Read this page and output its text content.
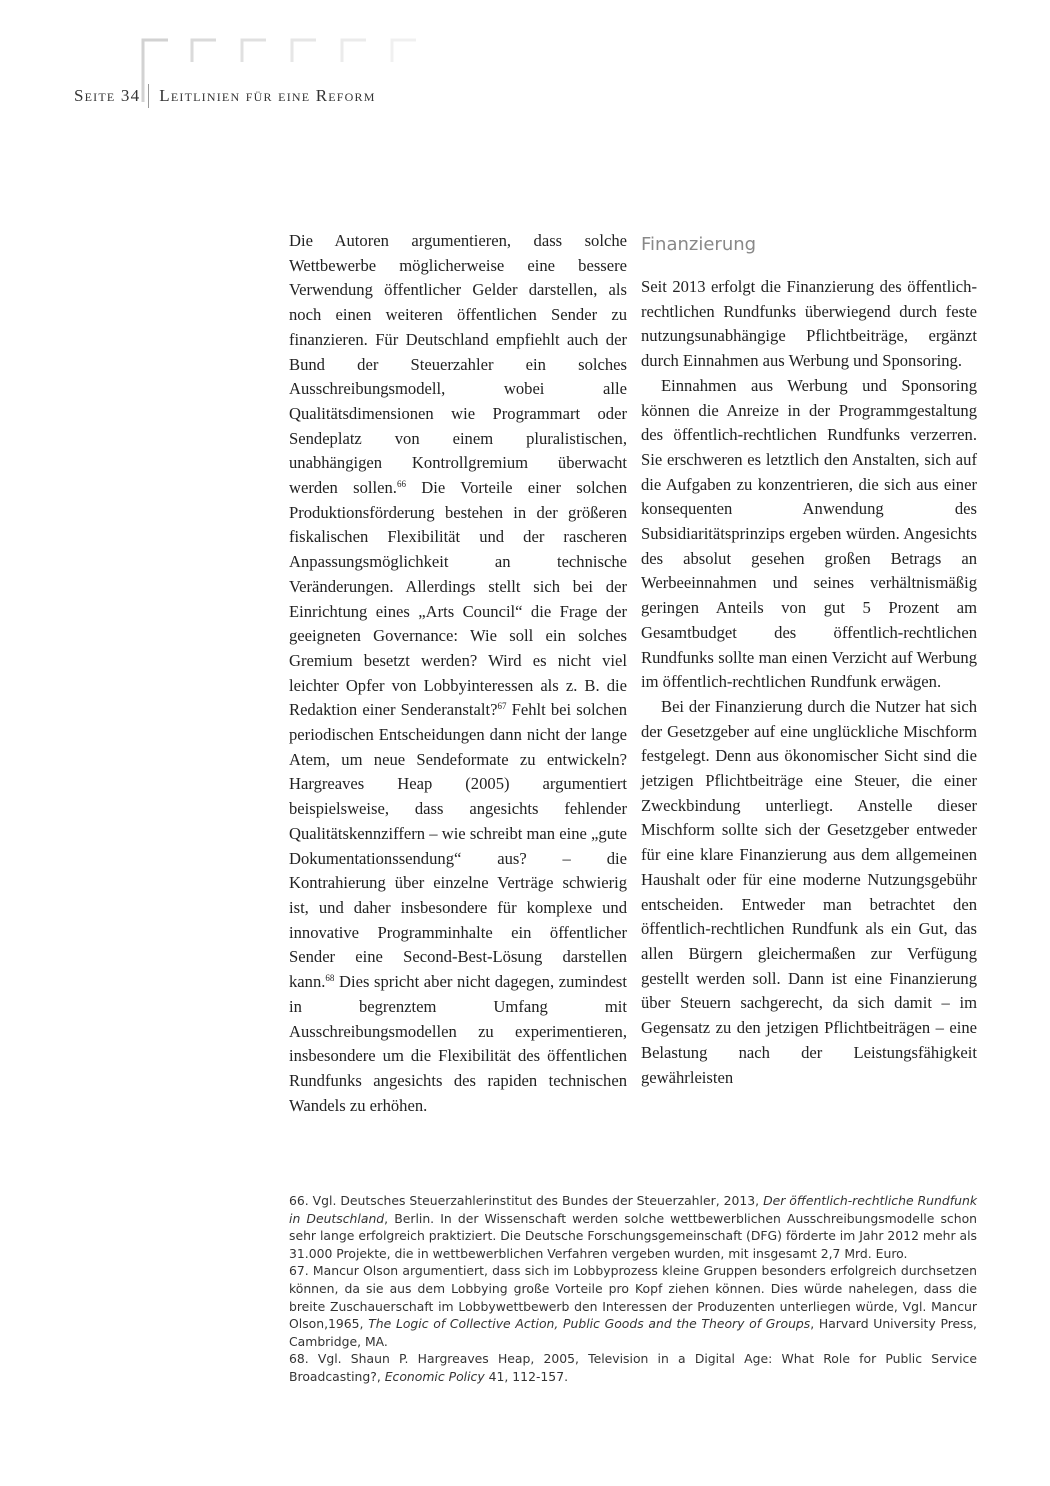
Seite 34	Leitlinien für eine Reform

Die Autoren argumentieren, dass solche Wettbewerbe möglicherweise eine bessere Verwendung öffentlicher Gelder darstellen, als noch einen weiteren öffentlichen Sender zu finanzieren. Für Deutschland empfiehlt auch der Bund der Steuerzahler ein solches Ausschreibungsmodell, wobei alle Qualitätsdimensionen wie Programmart oder Sendeplatz von einem pluralistischen, unabhängigen Kontrollgremium überwacht werden sollen.$^{66}$ Die Vorteile einer solchen Produktionsförderung bestehen in der größeren fiskalischen Flexibilität und der rascheren Anpassungsmöglichkeit an technische Veränderungen. Allerdings stellt sich bei der Einrichtung eines „Arts Council“ die Frage der geeigneten Governance: Wie soll ein solches Gremium besetzt werden? Wird es nicht viel leichter Opfer von Lobbyinteressen als z. B. die Redaktion einer Senderanstalt?$^{67}$ Fehlt bei solchen periodischen Entscheidungen dann nicht der lange Atem, um neue Sendeformate zu entwickeln? Hargreaves Heap (2005) argumentiert beispielsweise, dass angesichts fehlender Qualitätskennziffern – wie schreibt man eine „gute Dokumentationssendung“ aus? – die Kontrahierung über einzelne Verträge schwierig ist, und daher insbesondere für komplexe und innovative Programminhalte ein öffentlicher Sender eine Second-Best-Lösung darstellen kann.$^{68}$ Dies spricht aber nicht dagegen, zumindest in begrenztem Umfang mit Ausschreibungsmodellen zu experimentieren, insbesondere um die Flexibilität des öffentlichen Rundfunks angesichts des rapiden technischen Wandels zu erhöhen.

Finanzierung

Seit 2013 erfolgt die Finanzierung des öffentlich-rechtlichen Rundfunks überwiegend durch feste nutzungsunabhängige Pflichtbeiträge, ergänzt durch Einnahmen aus Werbung und Sponsoring.

Einnahmen aus Werbung und Sponsoring können die Anreize in der Programmgestaltung des öffentlich-rechtlichen Rundfunks verzerren. Sie erschweren es letztlich den Anstalten, sich auf die Aufgaben zu konzentrieren, die sich aus einer konsequenten Anwendung des Subsidiaritätsprinzips ergeben würden. Angesichts des absolut gesehen großen Betrags an Werbeeinnahmen und seines verhältnismäßig geringen Anteils von gut 5 Prozent am Gesamtbudget des öffentlich-rechtlichen Rundfunks sollte man einen Verzicht auf Werbung im öffentlich-rechtlichen Rundfunk erwägen.

Bei der Finanzierung durch die Nutzer hat sich der Gesetzgeber auf eine unglückliche Mischform festgelegt. Denn aus ökonomischer Sicht sind die jetzigen Pflichtbeiträge eine Steuer, die einer Zweckbindung unterliegt. Anstelle dieser Mischform sollte sich der Gesetzgeber entweder für eine klare Finanzierung aus dem allgemeinen Haushalt oder für eine moderne Nutzungsgebühr entscheiden. Entweder man betrachtet den öffentlich-rechtlichen Rundfunk als ein Gut, das allen Bürgern gleichermaßen zur Verfügung gestellt werden soll. Dann ist eine Finanzierung über Steuern sachgerecht, da sich damit – im Gegensatz zu den jetzigen Pflichtbeiträgen – eine Belastung nach der Leistungsfähigkeit gewährleisten

66. Vgl. Deutsches Steuerzahlerinstitut des Bundes der Steuerzahler, 2013, Der öffentlich-rechtliche Rundfunk in Deutschland, Berlin. In der Wissenschaft werden solche wettbewerblichen Ausschreibungsmodelle schon sehr lange erfolgreich praktiziert. Die Deutsche Forschungsgemeinschaft (DFG) förderte im Jahr 2012 mehr als 31.000 Projekte, die in wettbewerblichen Verfahren vergeben wurden, mit insgesamt 2,7 Mrd. Euro.

67. Mancur Olson argumentiert, dass sich im Lobbyprozess kleine Gruppen besonders erfolgreich durchsetzen können, da sie aus dem Lobbying große Vorteile pro Kopf ziehen können. Dies würde nahelegen, dass die breite Zuschauerschaft im Lobbywettbewerb den Interessen der Produzenten unterliegen würde, Vgl. Mancur Olson,1965, The Logic of Collective Action, Public Goods and the Theory of Groups, Harvard University Press, Cambridge, MA.

68. Vgl. Shaun P. Hargreaves Heap, 2005, Television in a Digital Age: What Role for Public Service Broadcasting?, Economic Policy 41, 112-157.
